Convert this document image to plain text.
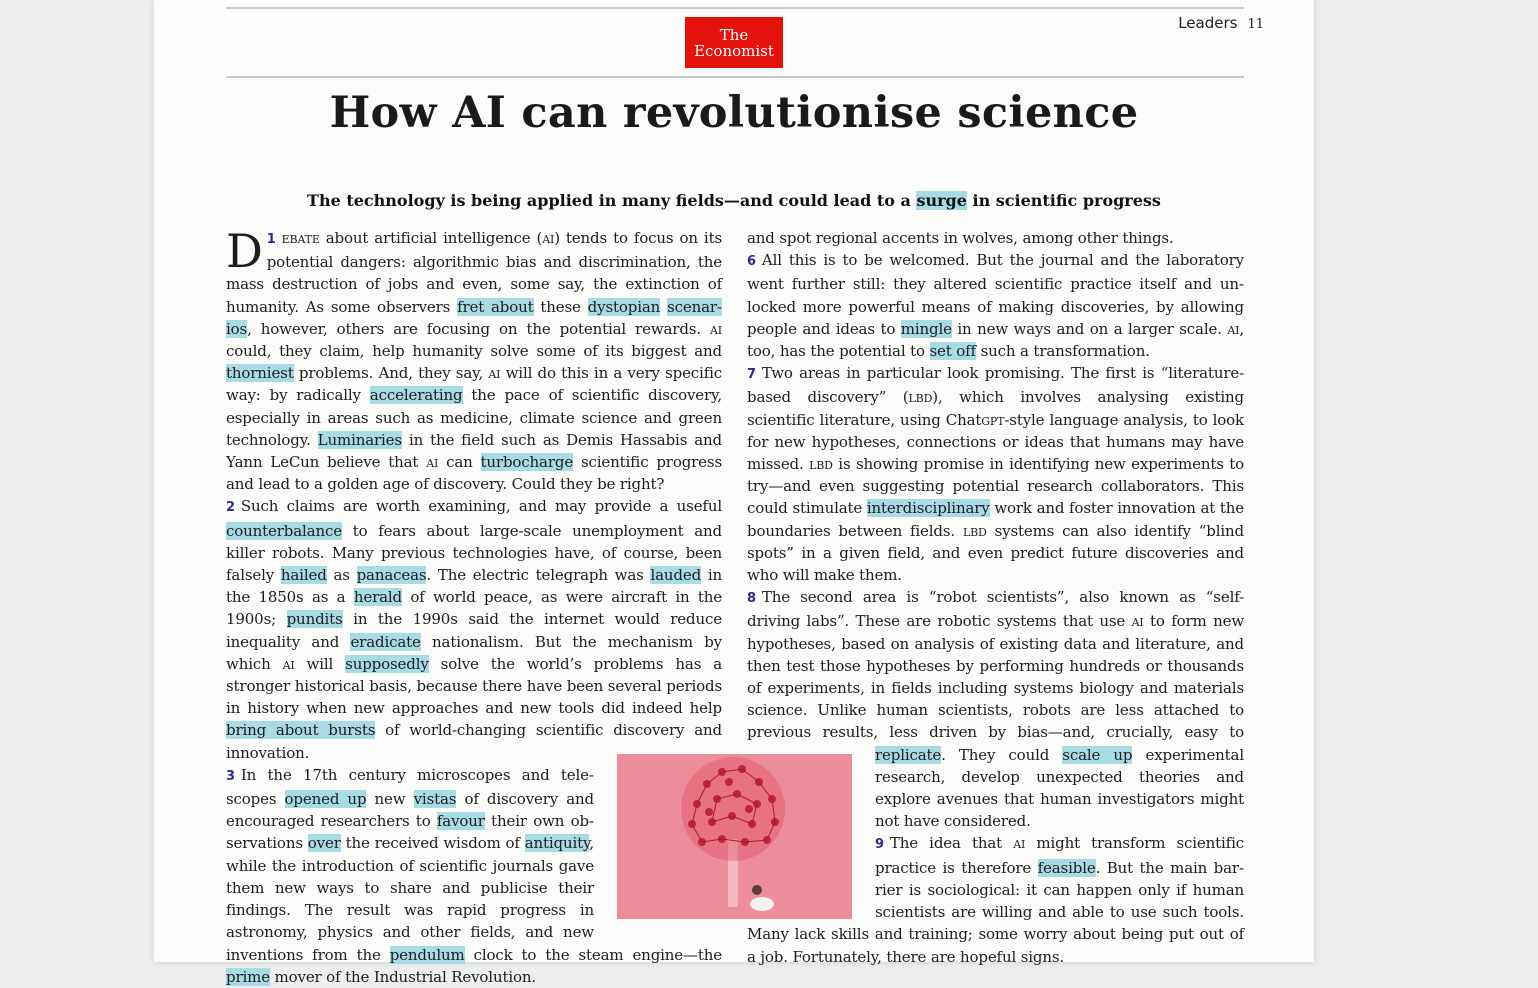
The
Economist
Leaders 11
How AI can revolutionise science
The technology is being applied in many fields—and could lead to a surge in scientific progress

1
D ebate about artificial intelligence (ai) tends to focus on its potential dangers: algorithmic bias and discrimination, the mass destruction of jobs and even, some say, the extinction of humanity. As some observers fret about these dystopian scenarios, however, others are focusing on the potential rewards. ai could, they claim, help humanity solve some of its biggest and thorniest problems. And, they say, ai will do this in a very specific way: by radically accelerating the pace of scientific discovery, especially in areas such as medicine, climate science and green technology. Luminaries in the field such as Demis Hassabis and Yann LeCun believe that ai can turbocharge scientific progress and lead to a golden age of discovery. Could they be right?

2 Such claims are worth examining, and may provide a useful counterbalance to fears about large-scale unemployment and killer robots. Many previous technologies have, of course, been falsely hailed as panaceas. The electric telegraph was lauded in the 1850s as a herald of world peace, as were aircraft in the 1900s; pundits in the 1990s said the internet would reduce inequality and eradicate nationalism. But the mechanism by which ai will supposedly solve the world’s problems has a stronger historical basis, because there have been several periods in history when new approaches and new tools did indeed help bring about bursts of world-changing scientific discovery and innovation.

3 In the 17th century microscopes and telescopes opened up new vistas of discovery and encouraged researchers to favour their own observations over the received wisdom of antiquity, while the introduction of scientific journals gave them new ways to share and publicise their findings. The result was rapid progress in astronomy, physics and other fields, and new inventions from the pendulum clock to the steam engine—the prime mover of the Industrial Revolution.

and spot regional accents in wolves, among other things.

6 All this is to be welcomed. But the journal and the laboratory went further still: they altered scientific practice itself and unlocked more powerful means of making discoveries, by allowing people and ideas to mingle in new ways and on a larger scale. ai, too, has the potential to set off such a transformation.

7 Two areas in particular look promising. The first is “literature-based discovery” (lbd), which involves analysing existing scientific literature, using Chatgpt-style language analysis, to look for new hypotheses, connections or ideas that humans may have missed. lbd is showing promise in identifying new experiments to try—and even suggesting potential research collaborators. This could stimulate interdisciplinary work and foster innovation at the boundaries between fields. lbd systems can also identify “blind spots” in a given field, and even predict future discoveries and who will make them.

8 The second area is “robot scientists”, also known as “self-driving labs”. These are robotic systems that use ai to form new hypotheses, based on analysis of existing data and literature, and then test those hypotheses by performing hundreds or thousands of experiments, in fields including systems biology and materials science. Unlike human scientists, robots are less attached to previous results, less driven by bias—and, crucially,
easy to replicate. They could scale up experimental research, develop unexpected theories and explore avenues that human investigators might not have considered.

9 The idea that ai might transform scientific practice is therefore feasible. But the main barrier is sociological: it can happen only if human scientists are willing and able to use such tools. Many lack skills and training; some worry about being put out of a job. Fortunately, there are hopeful signs.
